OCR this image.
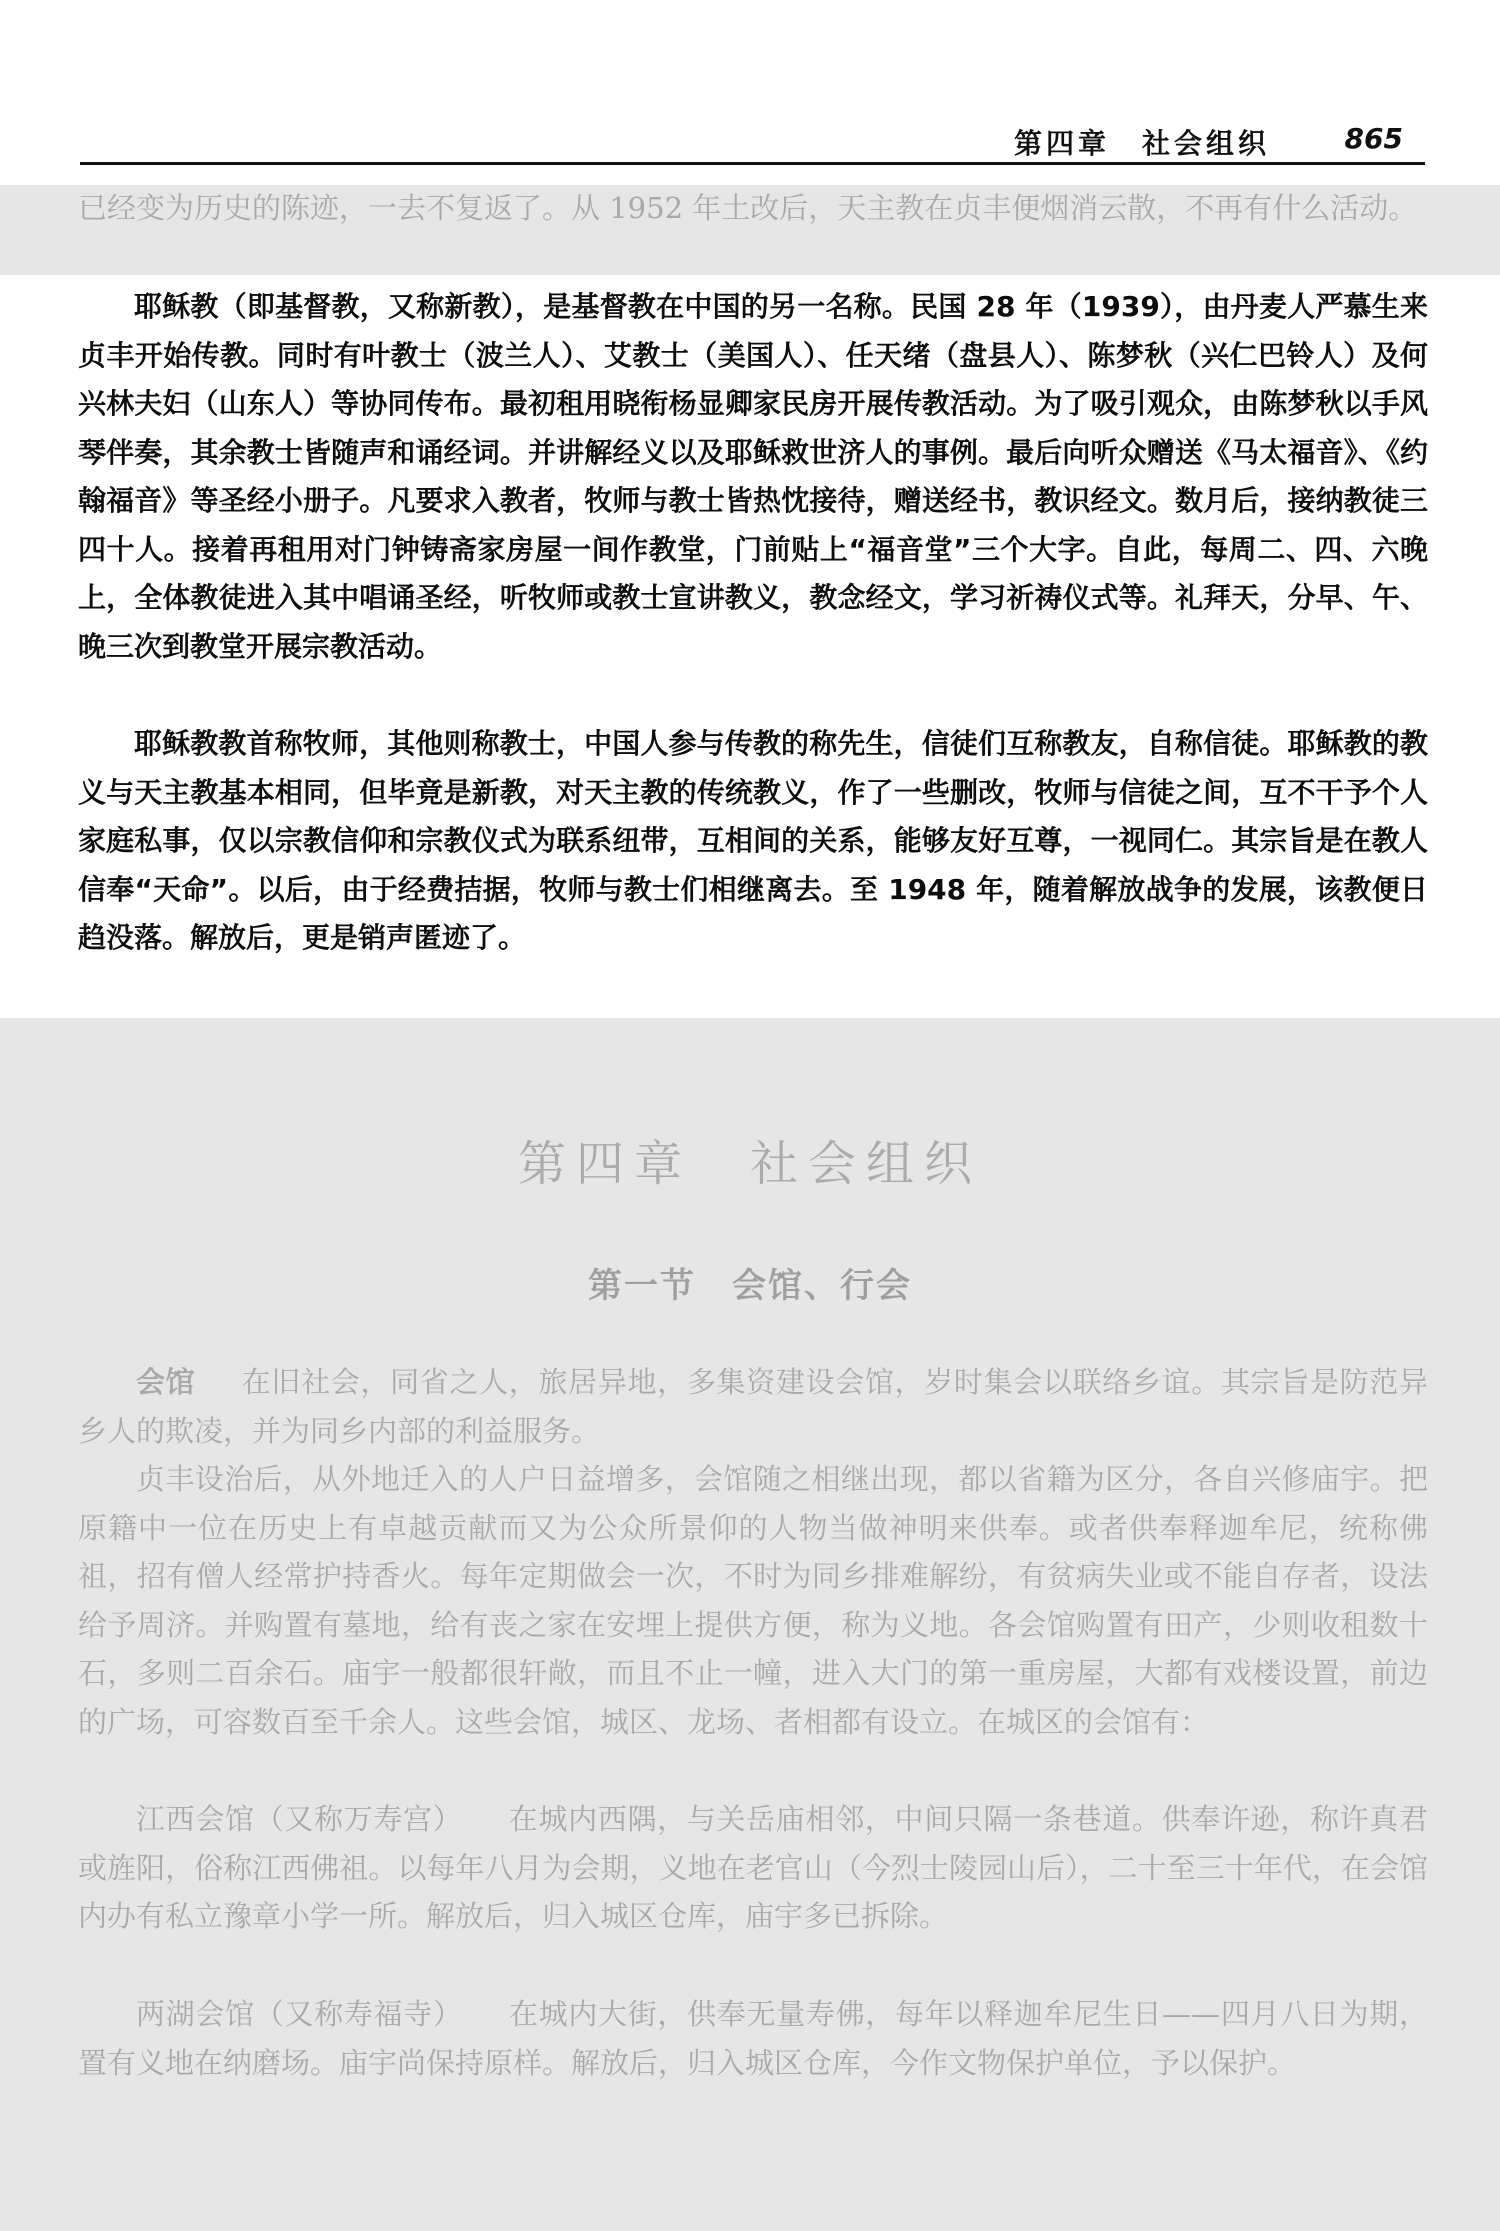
第四章　社会组织	865

已经变为历史的陈迹，一去不复返了。从 1952 年土改后，天主教在贞丰便烟消云散，不再有什么活动。

耶稣教（即基督教，又称新教），是基督教在中国的另一名称。民国 28 年（1939），由丹麦人严慕生来贞丰开始传教。同时有叶教士（波兰人）、艾教士（美国人）、任天绪（盘县人）、陈梦秋（兴仁巴铃人）及何兴林夫妇（山东人）等协同传布。最初租用晓衔杨显卿家民房开展传教活动。为了吸引观众，由陈梦秋以手风琴伴奏，其余教士皆随声和诵经词。并讲解经义以及耶稣救世济人的事例。最后向听众赠送《马太福音》、《约翰福音》等圣经小册子。凡要求入教者，牧师与教士皆热忱接待，赠送经书，教识经文。数月后，接纳教徒三四十人。接着再租用对门钟铸斋家房屋一间作教堂，门前贴上“福音堂”三个大字。自此，每周二、四、六晚上，全体教徒进入其中唱诵圣经，听牧师或教士宣讲教义，教念经文，学习祈祷仪式等。礼拜天，分早、午、晚三次到教堂开展宗教活动。

耶稣教教首称牧师，其他则称教士，中国人参与传教的称先生，信徒们互称教友，自称信徒。耶稣教的教义与天主教基本相同，但毕竟是新教，对天主教的传统教义，作了一些删改，牧师与信徒之间，互不干予个人家庭私事，仅以宗教信仰和宗教仪式为联系纽带，互相间的关系，能够友好互尊，一视同仁。其宗旨是在教人信奉“天命”。以后，由于经费拮据，牧师与教士们相继离去。至 1948 年，随着解放战争的发展，该教便日趋没落。解放后，更是销声匿迹了。

第四章　社会组织
第一节　会馆、行会

会馆 在旧社会，同省之人，旅居异地，多集资建设会馆，岁时集会以联络乡谊。其宗旨是防范异乡人的欺凌，并为同乡内部的利益服务。

贞丰设治后，从外地迁入的人户日益增多，会馆随之相继出现，都以省籍为区分，各自兴修庙宇。把原籍中一位在历史上有卓越贡献而又为公众所景仰的人物当做神明来供奉。或者供奉释迦牟尼，统称佛祖，招有僧人经常护持香火。每年定期做会一次，不时为同乡排难解纷，有贫病失业或不能自存者，设法给予周济。并购置有墓地，给有丧之家在安埋上提供方便，称为义地。各会馆购置有田产，少则收租数十石，多则二百余石。庙宇一般都很轩敞，而且不止一幢，进入大门的第一重房屋，大都有戏楼设置，前边的广场，可容数百至千余人。这些会馆，城区、龙场、者相都有设立。在城区的会馆有：

江西会馆（又称万寿宫） 在城内西隅，与关岳庙相邻，中间只隔一条巷道。供奉许逊，称许真君或旌阳，俗称江西佛祖。以每年八月为会期，义地在老官山（今烈士陵园山后），二十至三十年代，在会馆内办有私立豫章小学一所。解放后，归入城区仓库，庙宇多已拆除。

两湖会馆（又称寿福寺） 在城内大街，供奉无量寿佛，每年以释迦牟尼生日——四月八日为期，置有义地在纳磨场。庙宇尚保持原样。解放后，归入城区仓库，今作文物保护单位，予以保护。
